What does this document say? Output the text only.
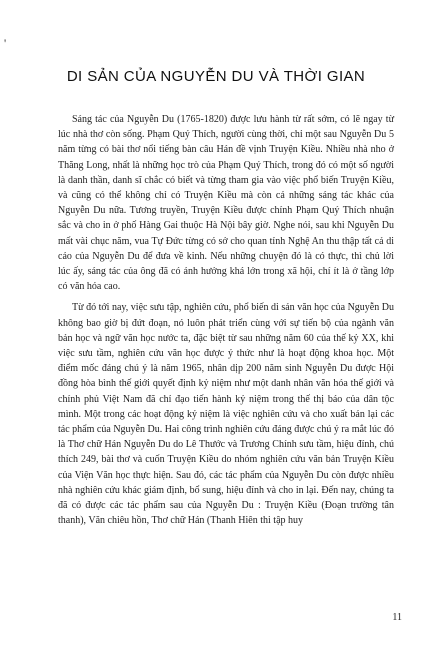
'
DI SẢN CỦA NGUYỄN DU VÀ THỜI GIAN

Sáng tác của Nguyễn Du (1765-1820) được lưu hành từ rất sớm, có lẽ ngay từ lúc nhà thơ còn sống. Phạm Quý Thích, người cùng thời, chỉ một sau Nguyễn Du 5 năm từng có bài thơ nổi tiếng bàn câu Hán đề vịnh Truyện Kiều. Nhiều nhà nho ở Thăng Long, nhất là những học trò của Phạm Quý Thích, trong đó có một số người là danh thần, danh sĩ chắc có biết và từng tham gia vào việc phổ biến Truyện Kiều, và cũng có thể không chỉ có Truyện Kiều mà còn cả những sáng tác khác của Nguyễn Du nữa. Tương truyền, Truyện Kiều được chính Phạm Quý Thích nhuận sắc và cho in ở phố Hàng Gai thuộc Hà Nội bây giờ. Nghe nói, sau khi Nguyễn Du mất vài chục năm, vua Tự Đức từng có sở cho quan tỉnh Nghệ An thu thập tất cả di cảo của Nguyễn Du để đưa về kinh. Nếu những chuyện đó là có thực, thì chủ lời lúc ấy, sáng tác của ông đã có ảnh hưởng khá lớn trong xã hội, chí ít là ở tầng lớp có văn hóa cao.

Từ đó tới nay, việc sưu tập, nghiên cứu, phổ biến di sản văn học của Nguyễn Du không bao giờ bị đứt đoạn, nó luôn phát triển cùng với sự tiến bộ của ngành văn bản học và ngữ văn học nước ta, đặc biệt từ sau những năm 60 của thế kỷ XX, khi việc sưu tầm, nghiên cứu văn học được ý thức như là hoạt động khoa học. Một điểm mốc đáng chú ý là năm 1965, nhân dịp 200 năm sinh Nguyễn Du được Hội đồng hòa bình thế giới quyết định kỷ niệm như một danh nhân văn hóa thế giới và chính phủ Việt Nam đã chỉ đạo tiến hành kỷ niệm trong thế thị báo của dân tộc mình. Một trong các hoạt động kỷ niệm là việc nghiên cứu và cho xuất bản lại các tác phẩm của Nguyễn Du. Hai công trình nghiên cứu đáng được chú ý ra mắt lúc đó là Thơ chữ Hán Nguyễn Du do Lê Thước và Trương Chính sưu tầm, hiệu đính, chú thích 249, bài thơ và cuốn Truyện Kiều do nhóm nghiên cứu văn bản Truyện Kiều của Viện Văn học thực hiện. Sau đó, các tác phẩm của Nguyễn Du còn được nhiều nhà nghiên cứu khác giám định, bổ sung, hiệu đính và cho in lại. Đến nay, chúng ta đã có được các tác phẩm sau của Nguyễn Du : Truyện Kiều (Đoạn trường tân thanh), Văn chiêu hồn, Thơ chữ Hán (Thanh Hiên thi tập huy

11
